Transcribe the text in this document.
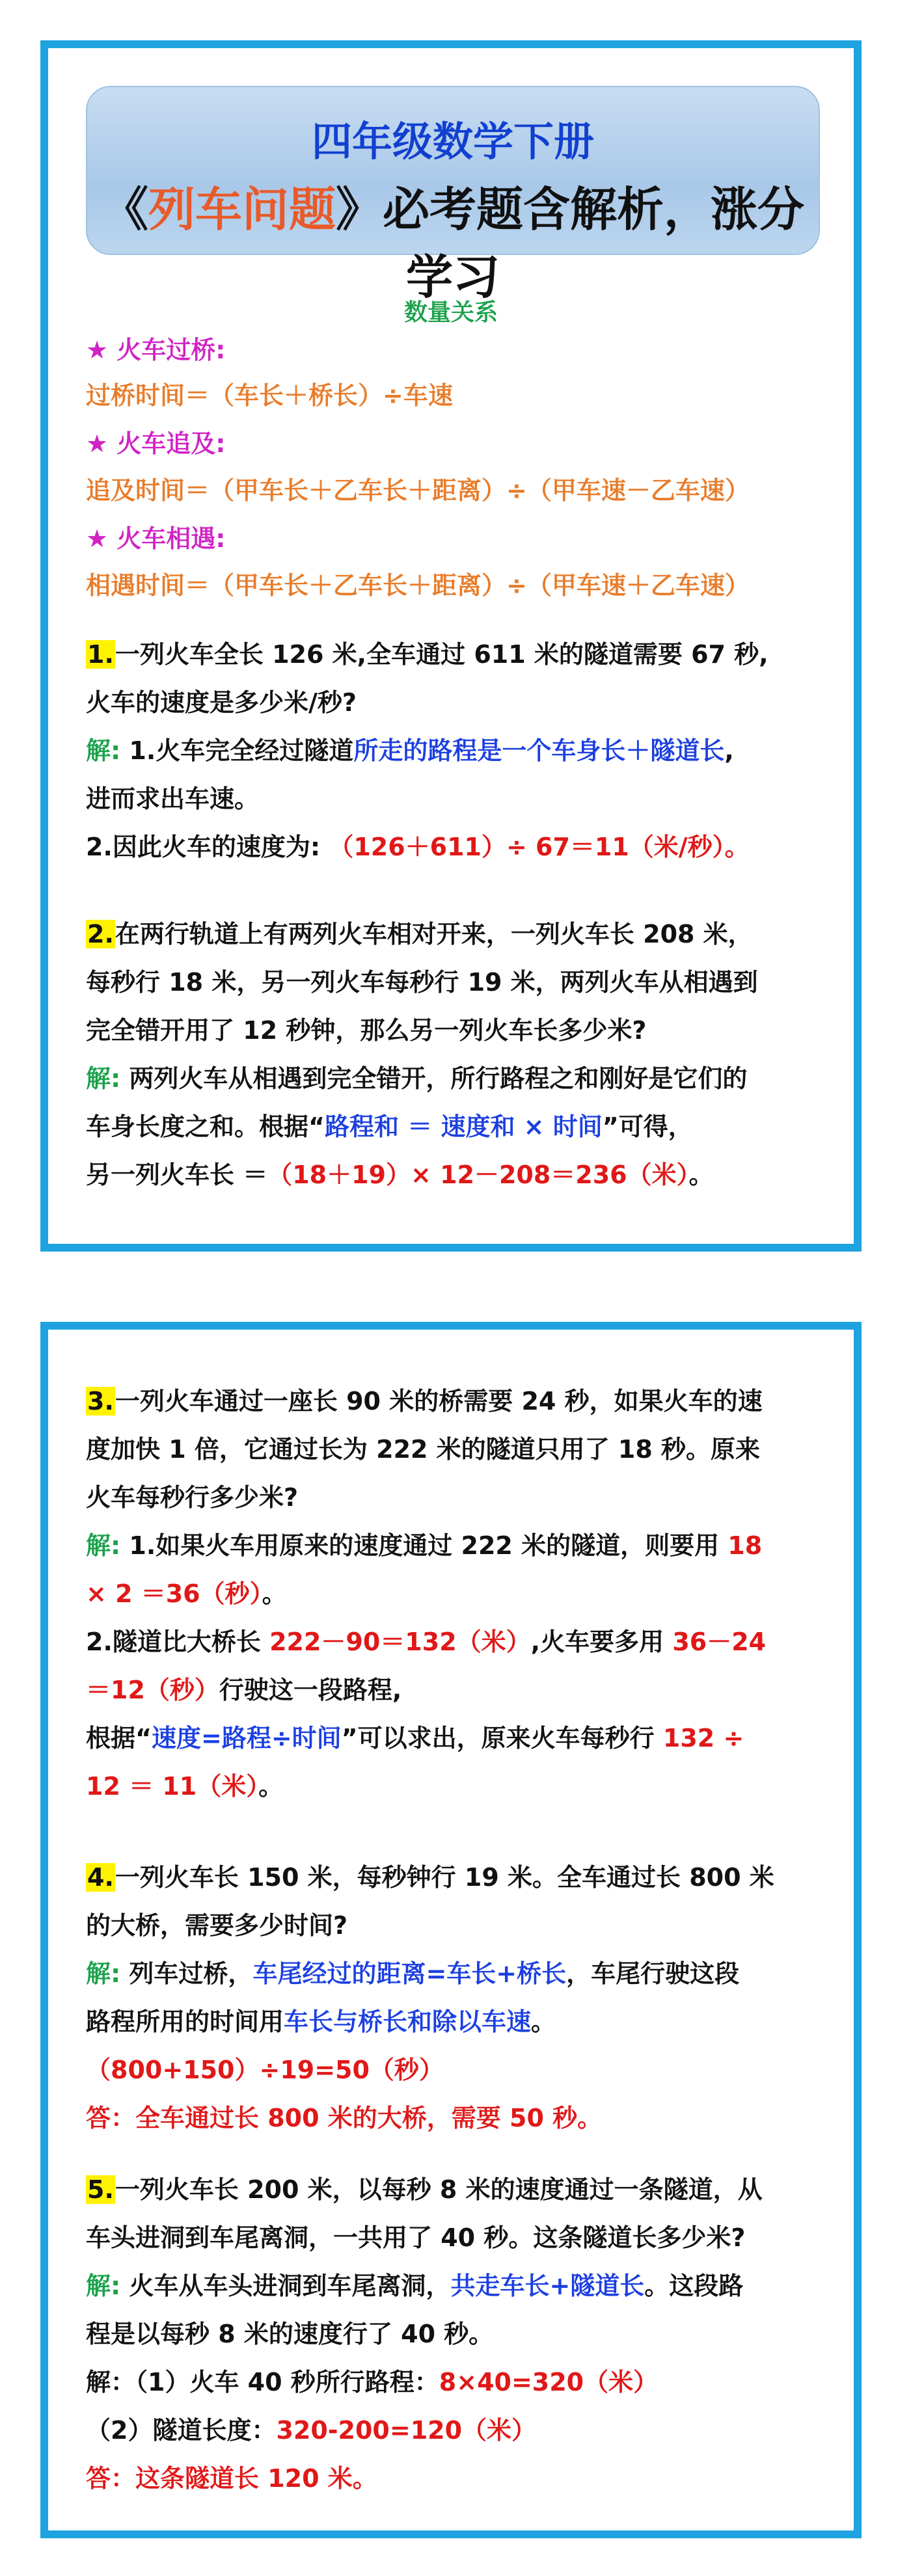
四年级数学下册
《列车问题》必考题含解析，涨分学习
数量关系
★ 火车过桥:
过桥时间＝（车长＋桥长）÷车速
★ 火车追及:
追及时间＝（甲车长＋乙车长＋距离）÷（甲车速－乙车速）
★ 火车相遇:
相遇时间＝（甲车长＋乙车长＋距离）÷（甲车速＋乙车速）
1.一列火车全长 126 米,全车通过 611 米的隧道需要 67 秒,
火车的速度是多少米/秒?
解: 1.火车完全经过隧道所走的路程是一个车身长＋隧道长,
进而求出车速。
2.因此火车的速度为: （126＋611）÷ 67＝11（米/秒）。
2.在两行轨道上有两列火车相对开来，一列火车长 208 米，
每秒行 18 米，另一列火车每秒行 19 米，两列火车从相遇到
完全错开用了 12 秒钟，那么另一列火车长多少米?
解: 两列火车从相遇到完全错开，所行路程之和刚好是它们的
车身长度之和。根据“路程和 ＝ 速度和 × 时间”可得，
另一列火车长 ＝（18＋19）× 12－208＝236（米）。
3.一列火车通过一座长 90 米的桥需要 24 秒，如果火车的速
度加快 1 倍，它通过长为 222 米的隧道只用了 18 秒。原来
火车每秒行多少米?
解: 1.如果火车用原来的速度通过 222 米的隧道，则要用 18
× 2 ＝36（秒）。
2.隧道比大桥长 222－90＝132（米）,火车要多用 36－24
＝12（秒）行驶这一段路程,
根据“速度=路程÷时间”可以求出，原来火车每秒行 132 ÷
12 ＝ 11（米）。
4.一列火车长 150 米，每秒钟行 19 米。全车通过长 800 米
的大桥，需要多少时间?
解: 列车过桥，车尾经过的距离=车长+桥长，车尾行驶这段
路程所用的时间用车长与桥长和除以车速。
（800+150）÷19=50（秒）
答：全车通过长 800 米的大桥，需要 50 秒。
5.一列火车长 200 米，以每秒 8 米的速度通过一条隧道，从
车头进洞到车尾离洞，一共用了 40 秒。这条隧道长多少米?
解: 火车从车头进洞到车尾离洞，共走车长+隧道长。这段路
程是以每秒 8 米的速度行了 40 秒。
解：（1）火车 40 秒所行路程：8×40=320（米）
（2）隧道长度：320-200=120（米）
答：这条隧道长 120 米。
